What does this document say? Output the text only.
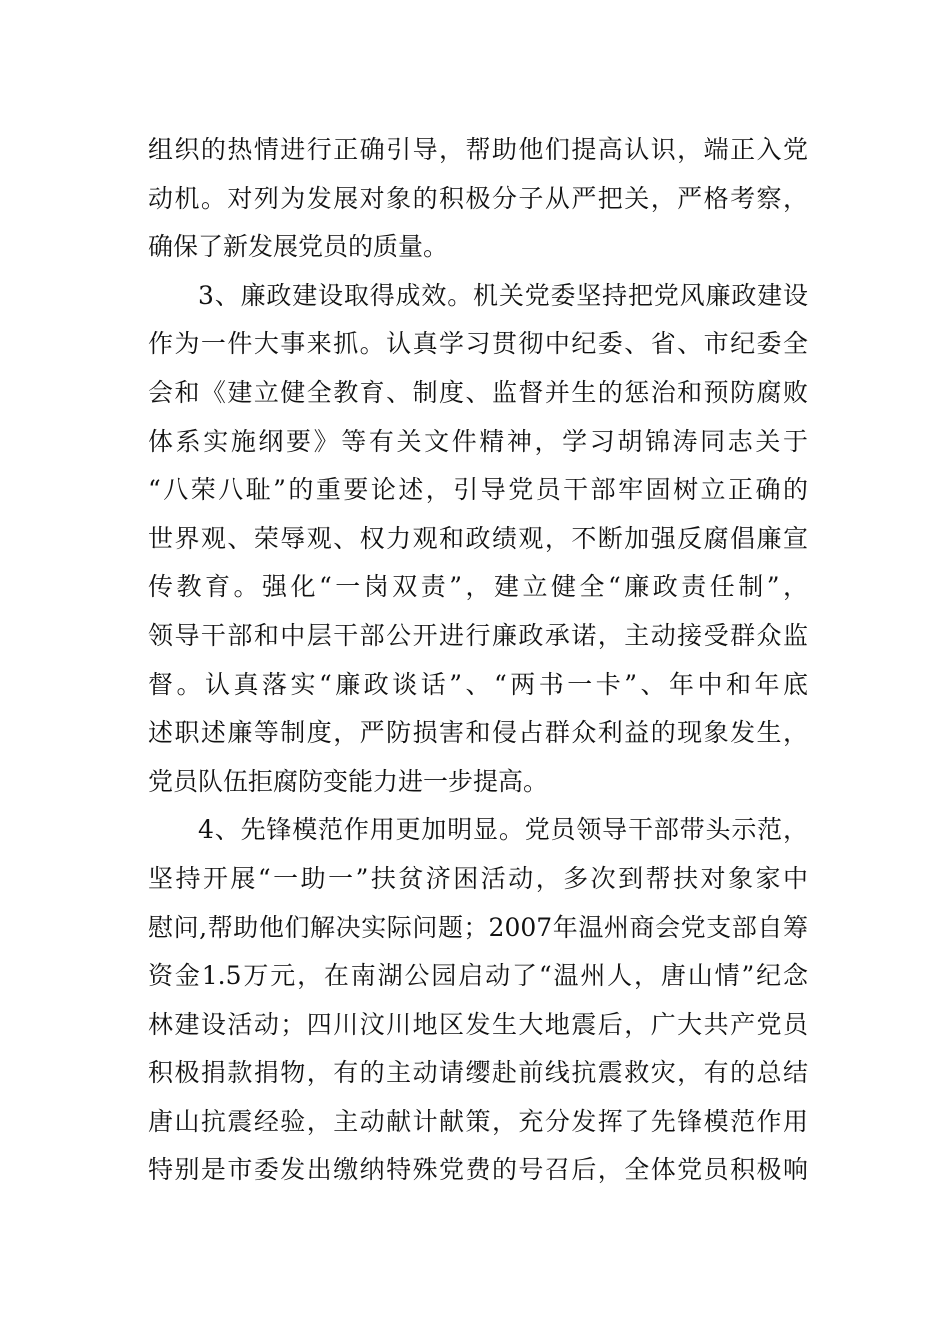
组织的热情进行正确引导，帮助他们提高认识，端正入党
动机。对列为发展对象的积极分子从严把关，严格考察，
确保了新发展党员的质量。
3、廉政建设取得成效。机关党委坚持把党风廉政建设
作为一件大事来抓。认真学习贯彻中纪委、省、市纪委全
会和《建立健全教育、制度、监督并生的惩治和预防腐败
体系实施纲要》等有关文件精神，学习胡锦涛同志关于
“八荣八耻”的重要论述，引导党员干部牢固树立正确的
世界观、荣辱观、权力观和政绩观，不断加强反腐倡廉宣
传教育。强化“一岗双责”，建立健全“廉政责任制”，
领导干部和中层干部公开进行廉政承诺，主动接受群众监
督。认真落实“廉政谈话”、“两书一卡”、年中和年底
述职述廉等制度，严防损害和侵占群众利益的现象发生，
党员队伍拒腐防变能力进一步提高。
4、先锋模范作用更加明显。党员领导干部带头示范，
坚持开展“一助一”扶贫济困活动，多次到帮扶对象家中
慰问,帮助他们解决实际问题；2007年温州商会党支部自筹
资金1.5万元，在南湖公园启动了“温州人，唐山情”纪念
林建设活动；四川汶川地区发生大地震后，广大共产党员
积极捐款捐物，有的主动请缨赴前线抗震救灾，有的总结
唐山抗震经验，主动献计献策，充分发挥了先锋模范作用
特别是市委发出缴纳特殊党费的号召后，全体党员积极响
